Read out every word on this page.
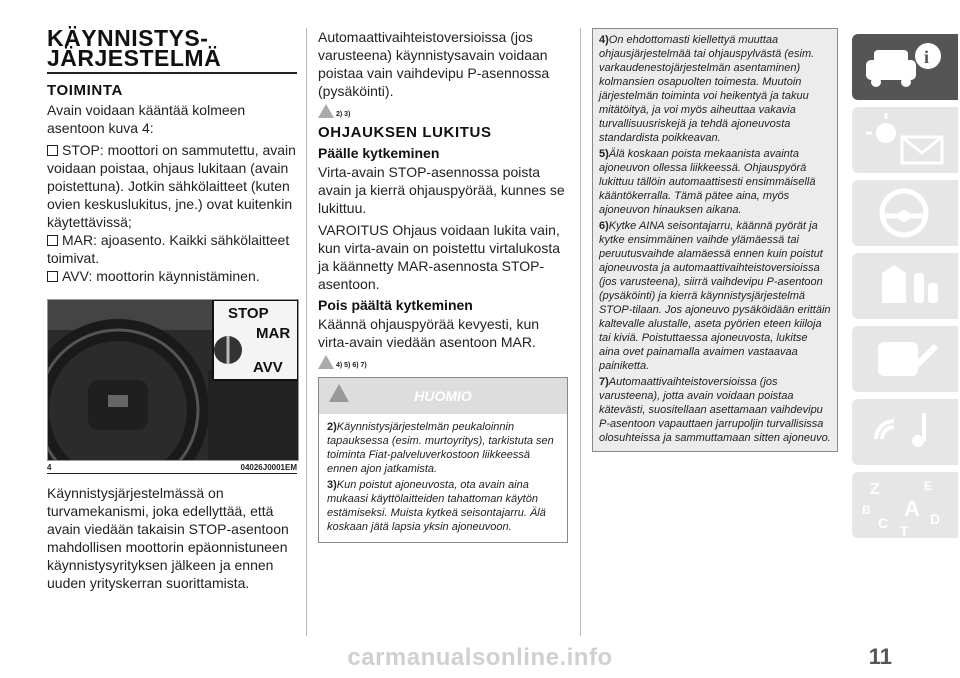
KÄYNNISTYS-
JÄRJESTELMÄ
TOIMINTA

Avain voidaan kääntää kolmeen asentoon kuva 4:

STOP: moottori on sammutettu, avain voidaan poistaa, ohjaus lukitaan (avain poistettuna). Jotkin sähkölaitteet (kuten ovien keskuslukitus, jne.) ovat kuitenkin käytettävissä;
MAR: ajoasento. Kaikki sähkölaitteet toimivat.
AVV: moottorin käynnistäminen.
STOP
MAR
AVV
4	04026J0001EM

Käynnistysjärjestelmässä on turvamekanismi, joka edellyttää, että avain viedään takaisin STOP-asentoon mahdollisen moottorin epäonnistuneen käynnistysyrityksen jälkeen ja ennen uuden yrityskerran suorittamista.

Automaattivaihteistoversioissa (jos varusteena) käynnistysavain voidaan poistaa vain vaihdevipu P-asennossa (pysäköinti).

2) 3)
OHJAUKSEN LUKITUS
Päälle kytkeminen

Virta-avain STOP-asennossa poista avain ja kierrä ohjauspyörää, kunnes se lukittuu.

VAROITUS Ohjaus voidaan lukita vain, kun virta-avain on poistettu virtalukosta ja käännetty MAR-asennosta STOP-asentoon.

Pois päältä kytkeminen

Käännä ohjauspyörää kevyesti, kun virta-avain viedään asentoon MAR.

4) 5) 6) 7)
HUOMIO

2)Käynnistysjärjestelmän peukaloinnin tapauksessa (esim. murtoyritys), tarkistuta sen toiminta Fiat-palveluverkostoon liikkeessä ennen ajon jatkamista.

3)Kun poistut ajoneuvosta, ota avain aina mukaasi käyttölaitteiden tahattoman käytön estämiseksi. Muista kytkeä seisontajarru. Älä koskaan jätä lapsia yksin ajoneuvoon.

4)On ehdottomasti kiellettyä muuttaa ohjausjärjestelmää tai ohjauspylvästä (esim. varkaudenestojärjestelmän asentaminen) kolmansien osapuolten toimesta. Muutoin järjestelmän toiminta voi heikentyä ja takuu mitätöityä, ja voi myös aiheuttaa vakavia turvallisuusriskejä ja tehdä ajoneuvosta standardista poikkeavan.

5)Älä koskaan poista mekaanista avainta ajoneuvon ollessa liikkeessä. Ohjauspyörä lukittuu tällöin automaattisesti ensimmäisellä kääntökerralla. Tämä pätee aina, myös ajoneuvon hinauksen aikana.

6)Kytke AINA seisontajarru, käännä pyörät ja kytke ensimmäinen vaihde ylämäessä tai peruutusvaihde alamäessä ennen kuin poistut ajoneuvosta ja automaattivaihteistoversioissa (jos varusteena), siirrä vaihdevipu P-asentoon (pysäköinti) ja kierrä käynnistysjärjestelmä STOP-tilaan. Jos ajoneuvo pysäköidään erittäin kaltevalle alustalle, aseta pyörien eteen kiiloja tai kiviä. Poistuttaessa ajoneuvosta, lukitse aina ovet painamalla avaimen vastaavaa painiketta.

7)Automaattivaihteistoversioissa (jos varusteena), jotta avain voidaan poistaa kätevästi, suositellaan asettamaan vaihdevipu P-asentoon vapauttaen jarrupoljin turvallisissa olosuhteissa ja sammuttamaan sitten ajoneuvo.

i
Z	E
B A
C T
D
11
carmanualsonline.info
